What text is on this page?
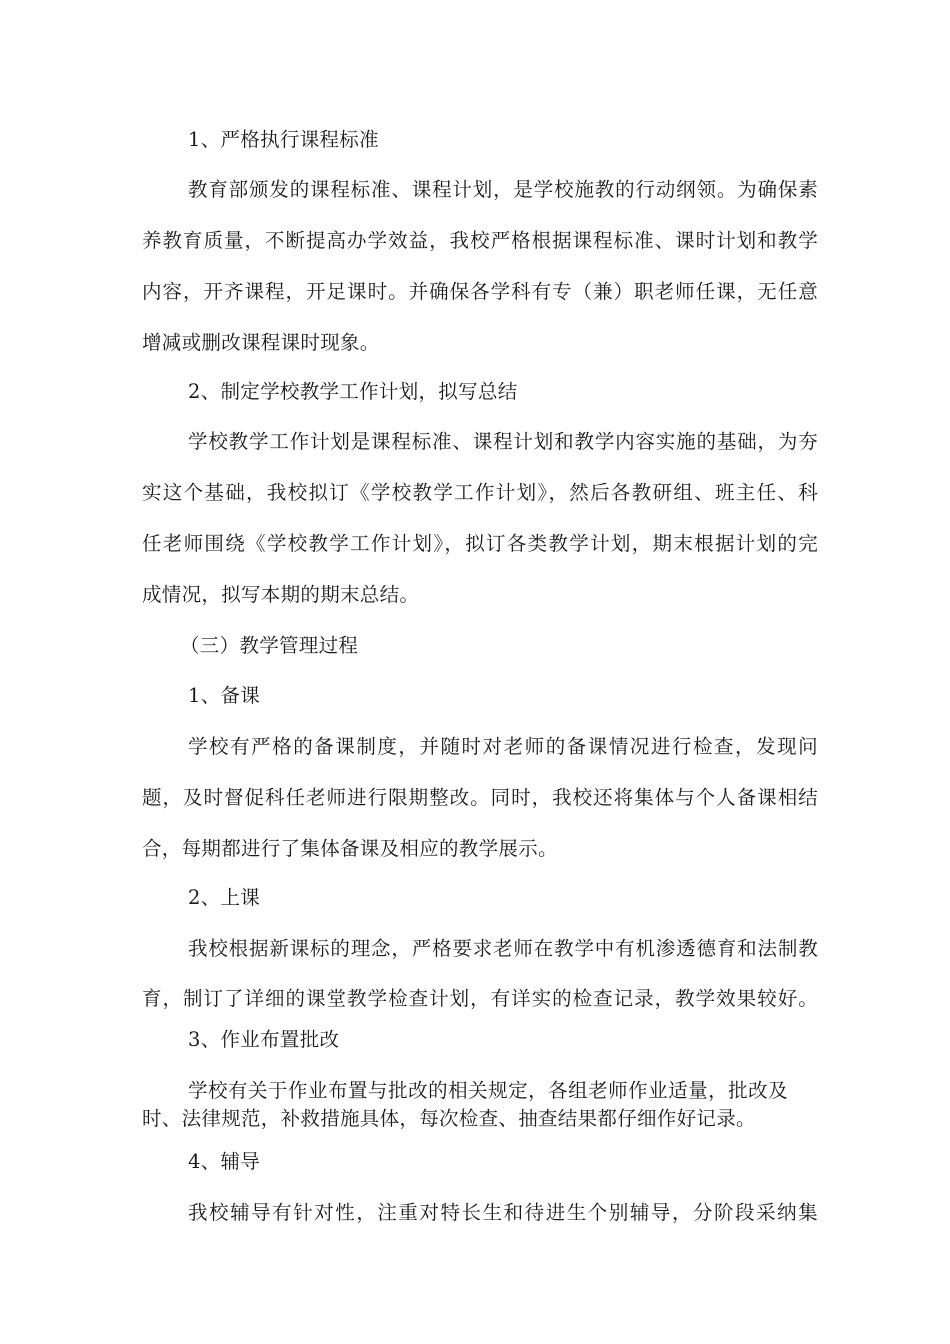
1、严格执行课程标准
教育部颁发的课程标准、课程计划，是学校施教的行动纲领。为确保素
养教育质量，不断提高办学效益，我校严格根据课程标准、课时计划和教学
内容，开齐课程，开足课时。并确保各学科有专（兼）职老师任课，无任意
增减或删改课程课时现象。
2、制定学校教学工作计划，拟写总结
学校教学工作计划是课程标准、课程计划和教学内容实施的基础，为夯
实这个基础，我校拟订《学校教学工作计划》，然后各教研组、班主任、科
任老师围绕《学校教学工作计划》，拟订各类教学计划，期末根据计划的完
成情况，拟写本期的期末总结。
（三）教学管理过程
1、备课
学校有严格的备课制度，并随时对老师的备课情况进行检查，发现问
题，及时督促科任老师进行限期整改。同时，我校还将集体与个人备课相结
合，每期都进行了集体备课及相应的教学展示。
2、上课
我校根据新课标的理念，严格要求老师在教学中有机渗透德育和法制教
育，制订了详细的课堂教学检查计划，有详实的检查记录，教学效果较好。
3、作业布置批改
学校有关于作业布置与批改的相关规定，各组老师作业适量，批改及
时、法律规范，补救措施具体，每次检查、抽查结果都仔细作好记录。
4、辅导
我校辅导有针对性，注重对特长生和待进生个别辅导，分阶段采纳集
